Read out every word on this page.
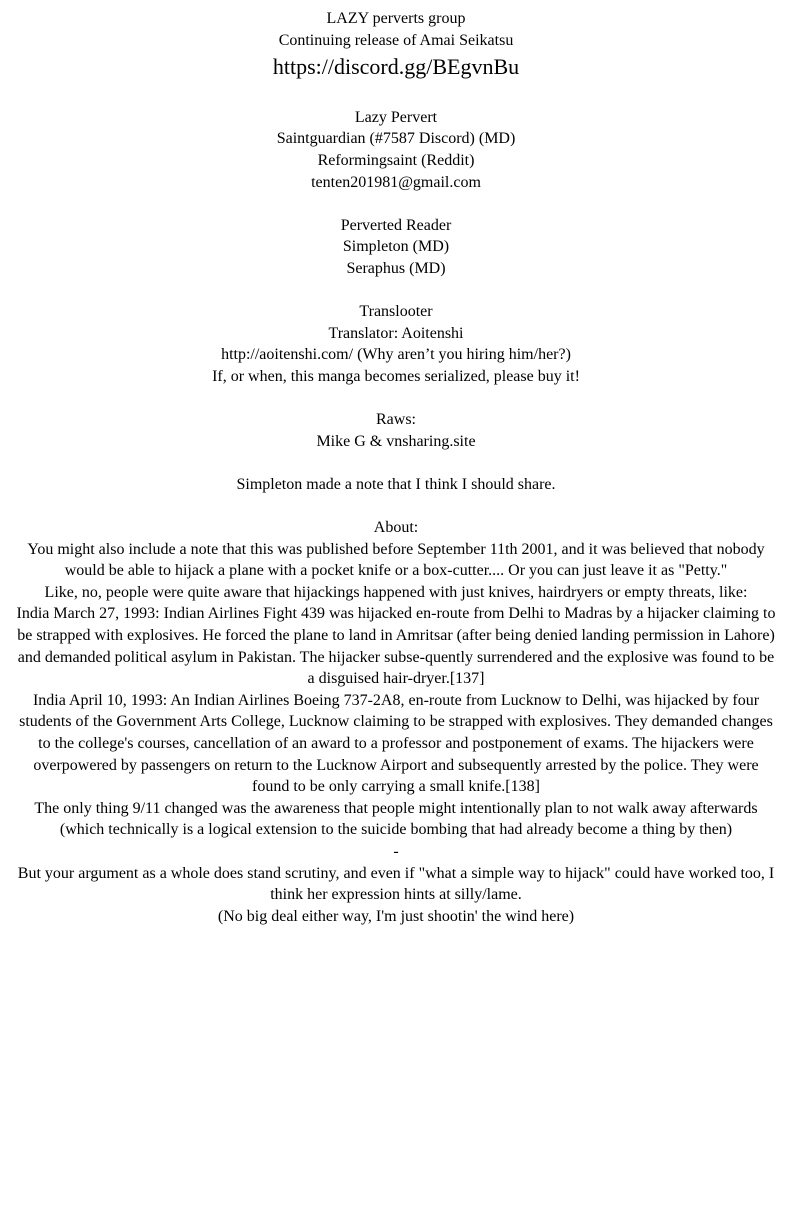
LAZY perverts group
Continuing release of Amai Seikatsu
https://discord.gg/BEgvnBu
Lazy Pervert
Saintguardian (#7587 Discord) (MD)
Reformingsaint (Reddit)
tenten201981@gmail.com
Perverted Reader
Simpleton (MD)
Seraphus (MD)
Translooter
Translator: Aoitenshi
http://aoitenshi.com/ (Why aren’t you hiring him/her?)
If, or when, this manga becomes serialized, please buy it!
Raws:
Mike G & vnsharing.site
Simpleton made a note that I think I should share.
About:
You might also include a note that this was published before September 11th 2001, and it was believed that nobody would be able to hijack a plane with a pocket knife or a box-cutter.... Or you can just leave it as "Petty."
Like, no, people were quite aware that hijackings happened with just knives, hairdryers or empty threats, like:
India March 27, 1993: Indian Airlines Fight 439 was hijacked en-route from Delhi to Madras by a hijacker claiming to be strapped with explosives. He forced the plane to land in Amritsar (after being denied landing permission in Lahore) and demanded political asylum in Pakistan. The hijacker subse-quently surrendered and the explosive was found to be a disguised hair-dryer.[137]
India April 10, 1993: An Indian Airlines Boeing 737-2A8, en-route from Lucknow to Delhi, was hijacked by four students of the Government Arts College, Lucknow claiming to be strapped with explosives. They demanded changes to the college's courses, cancellation of an award to a professor and postponement of exams. The hijackers were overpowered by passengers on return to the Lucknow Airport and subsequently arrested by the police. They were found to be only carrying a small knife.[138]
The only thing 9/11 changed was the awareness that people might intentionally plan to not walk away afterwards (which technically is a logical extension to the suicide bombing that had already become a thing by then)
-
But your argument as a whole does stand scrutiny, and even if "what a simple way to hijack" could have worked too, I think her expression hints at silly/lame.
(No big deal either way, I'm just shootin' the wind here)
